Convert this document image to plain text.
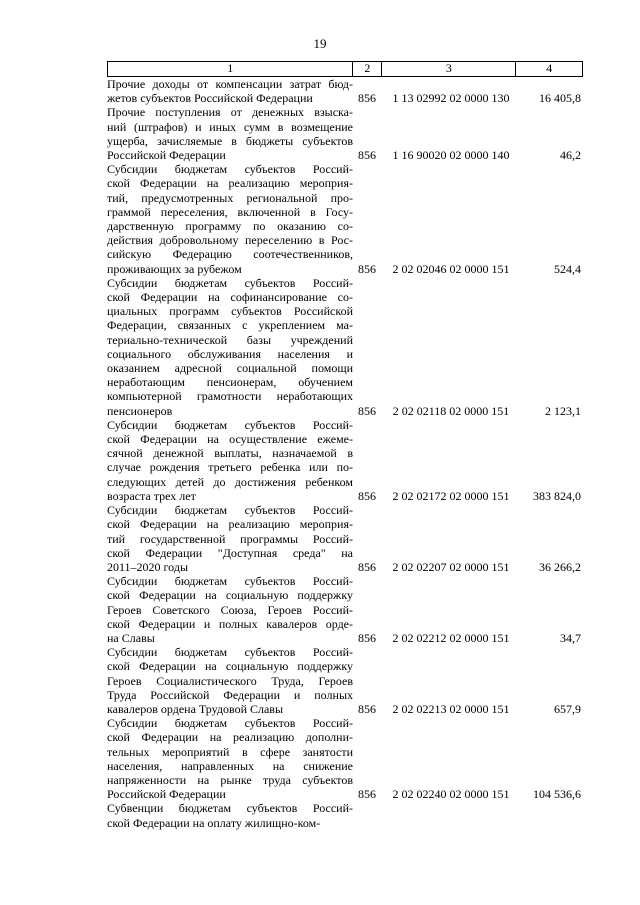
19
1	2	3	4
Прочие доходы от компенсации затрат бюд-
жетов субъектов Российской Федерации	856	1 13 02992 02 0000 130	16 405,8
Прочие поступления от денежных взыска-
ний (штрафов) и иных сумм в возмещение
ущерба, зачисляемые в бюджеты субъектов
Российской Федерации	856	1 16 90020 02 0000 140	46,2
Субсидии бюджетам субъектов Россий-
ской Федерации на реализацию мероприя-
тий, предусмотренных региональной про-
граммой переселения, включенной в Госу-
дарственную программу по оказанию со-
действия добровольному переселению в Рос-
сийскую Федерацию соотечественников,
проживающих за рубежом	856	2 02 02046 02 0000 151	524,4
Субсидии бюджетам субъектов Россий-
ской Федерации на софинансирование со-
циальных программ субъектов Российской
Федерации, связанных с укреплением ма-
териально-технической базы учреждений
социального обслуживания населения и
оказанием адресной социальной помощи
неработающим пенсионерам, обучением
компьютерной грамотности неработающих
пенсионеров	856	2 02 02118 02 0000 151	2 123,1
Субсидии бюджетам субъектов Россий-
ской Федерации на осуществление ежеме-
сячной денежной выплаты, назначаемой в
случае рождения третьего ребенка или по-
следующих детей до достижения ребенком
возраста трех лет	856	2 02 02172 02 0000 151	383 824,0
Субсидии бюджетам субъектов Россий-
ской Федерации на реализацию мероприя-
тий государственной программы Россий-
ской Федерации "Доступная среда" на
2011–2020 годы	856	2 02 02207 02 0000 151	36 266,2
Субсидии бюджетам субъектов Россий-
ской Федерации на социальную поддержку
Героев Советского Союза, Героев Россий-
ской Федерации и полных кавалеров орде-
на Славы	856	2 02 02212 02 0000 151	34,7
Субсидии бюджетам субъектов Россий-
ской Федерации на социальную поддержку
Героев Социалистического Труда, Героев
Труда Российской Федерации и полных
кавалеров ордена Трудовой Славы	856	2 02 02213 02 0000 151	657,9
Субсидии бюджетам субъектов Россий-
ской Федерации на реализацию дополни-
тельных мероприятий в сфере занятости
населения, направленных на снижение
напряженности на рынке труда субъектов
Российской Федерации	856	2 02 02240 02 0000 151	104 536,6
Субвенции бюджетам субъектов Россий-
ской Федерации на оплату жилищно-ком-
